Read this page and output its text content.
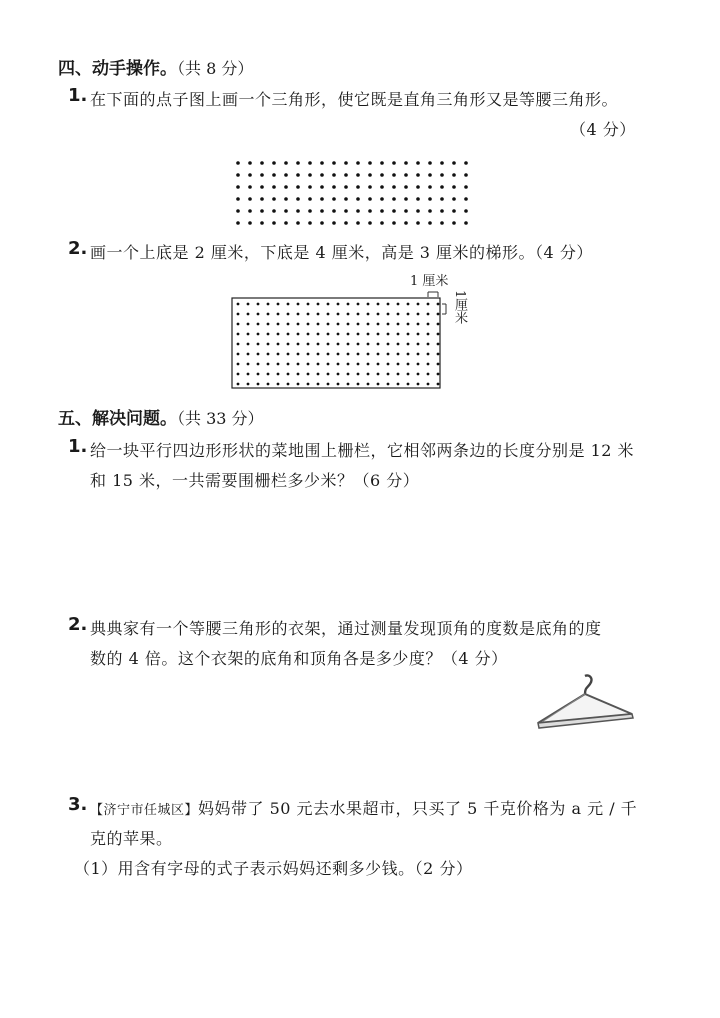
四、动手操作。（共 8 分）
1. 在下面的点子图上画一个三角形，使它既是直角三角形又是等腰三角形。
（4 分）
2. 画一个上底是 2 厘米，下底是 4 厘米，高是 3 厘米的梯形。（4 分）
1 厘米
1厘米
五、解决问题。（共 33 分）
1. 给一块平行四边形形状的菜地围上栅栏，它相邻两条边的长度分别是 12 米
和 15 米，一共需要围栅栏多少米？（6 分）
2. 典典家有一个等腰三角形的衣架，通过测量发现顶角的度数是底角的度
数的 4 倍。这个衣架的底角和顶角各是多少度？（4 分）
3. 【济宁市任城区】妈妈带了 50 元去水果超市，只买了 5 千克价格为 a 元 / 千
克的苹果。
（1）用含有字母的式子表示妈妈还剩多少钱。（2 分）
